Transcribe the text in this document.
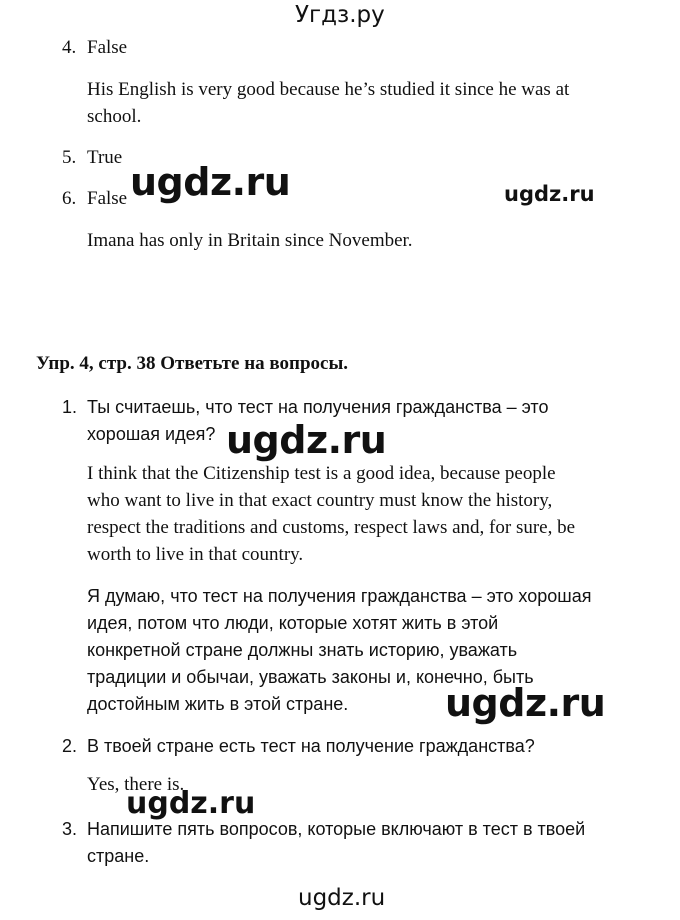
Угдз.ру
4. False
His English is very good because he’s studied it since he was at
school.
5. True
6. False
Imana has only in Britain since November.
ugdz.ru	ugdz.ru
Упр. 4, стр. 38 Ответьте на вопросы.
1. Ты считаешь, что тест на получения гражданства – это
хорошая идея? ugdz.ru
I think that the Citizenship test is a good idea, because people
who want to live in that exact country must know the history,
respect the traditions and customs, respect laws and, for sure, be
worth to live in that country.
Я думаю, что тест на получения гражданства – это хорошая
идея, потом что люди, которые хотят жить в этой
конкретной стране должны знать историю, уважать
традиции и обычаи, уважать законы и, конечно, быть
достойным жить в этой стране.	ugdz.ru
2. В твоей стране есть тест на получение гражданства?
Yes, there is.
ugdz.ru
3. Напишите пять вопросов, которые включают в тест в твоей
стране.
ugdz.ru
